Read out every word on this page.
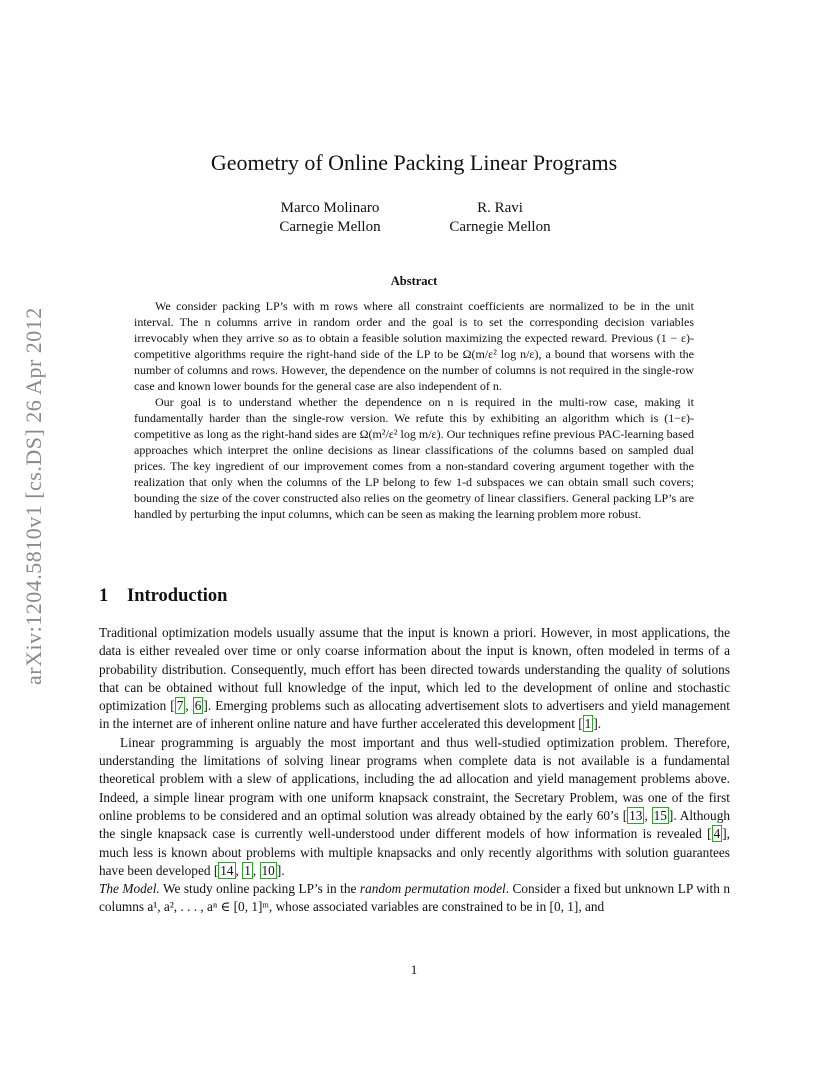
arXiv:1204.5810v1 [cs.DS] 26 Apr 2012
Geometry of Online Packing Linear Programs
Marco Molinaro
Carnegie Mellon
R. Ravi
Carnegie Mellon
Abstract

We consider packing LP’s with m rows where all constraint coefficients are normalized to be in the unit interval. The n columns arrive in random order and the goal is to set the corresponding decision variables irrevocably when they arrive so as to obtain a feasible solution maximizing the expected reward. Previous (1 − ε)-competitive algorithms require the right-hand side of the LP to be Ω(m/ε² log n/ε), a bound that worsens with the number of columns and rows. However, the dependence on the number of columns is not required in the single-row case and known lower bounds for the general case are also independent of n.

Our goal is to understand whether the dependence on n is required in the multi-row case, making it fundamentally harder than the single-row version. We refute this by exhibiting an algorithm which is (1−ε)-competitive as long as the right-hand sides are Ω(m²/ε² log m/ε). Our techniques refine previous PAC-learning based approaches which interpret the online decisions as linear classifications of the columns based on sampled dual prices. The key ingredient of our improvement comes from a non-standard covering argument together with the realization that only when the columns of the LP belong to few 1-d subspaces we can obtain small such covers; bounding the size of the cover constructed also relies on the geometry of linear classifiers. General packing LP’s are handled by perturbing the input columns, which can be seen as making the learning problem more robust.

1 Introduction

Traditional optimization models usually assume that the input is known a priori. However, in most applications, the data is either revealed over time or only coarse information about the input is known, often modeled in terms of a probability distribution. Consequently, much effort has been directed towards understanding the quality of solutions that can be obtained without full knowledge of the input, which led to the development of online and stochastic optimization [ 7 , 6 ]. Emerging problems such as allocating advertisement slots to advertisers and yield management in the internet are of inherent online nature and have further accelerated this development [ 1 ].

Linear programming is arguably the most important and thus well-studied optimization problem. Therefore, understanding the limitations of solving linear programs when complete data is not available is a fundamental theoretical problem with a slew of applications, including the ad allocation and yield management problems above. Indeed, a simple linear program with one uniform knapsack constraint, the Secretary Problem, was one of the first online problems to be considered and an optimal solution was already obtained by the early 60’s [ 13 , 15 ]. Although the single knapsack case is currently well-understood under different models of how information is revealed [ 4 ], much less is known about problems with multiple knapsacks and only recently algorithms with solution guarantees have been developed [ 14 , 1 , 10 ].

The Model. We study online packing LP’s in the random permutation model. Consider a fixed but unknown LP with n columns a¹, a², . . . , aⁿ ∈ [0, 1]ᵐ, whose associated variables are constrained to be in [0, 1], and

1
